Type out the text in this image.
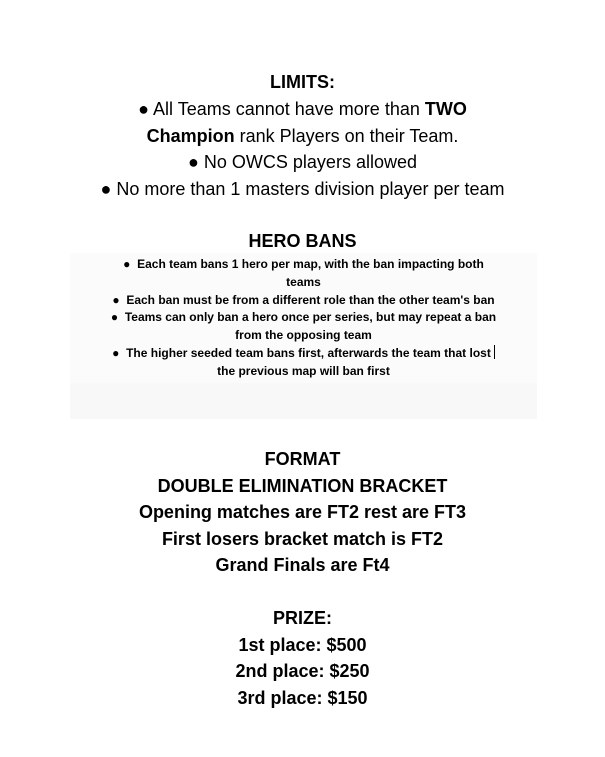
LIMITS:
● All Teams cannot have more than TWO
Champion rank Players on their Team.
● No OWCS players allowed
● No more than 1 masters division player per team
HERO BANS
● Each team bans 1 hero per map, with the ban impacting both
teams
● Each ban must be from a different role than the other team's ban
● Teams can only ban a hero once per series, but may repeat a ban
from the opposing team
● The higher seeded team bans first, afterwards the team that lost
the previous map will ban first
FORMAT
DOUBLE ELIMINATION BRACKET
Opening matches are FT2 rest are FT3
First losers bracket match is FT2
Grand Finals are Ft4
PRIZE:
1st place: $500
2nd place: $250
3rd place: $150
